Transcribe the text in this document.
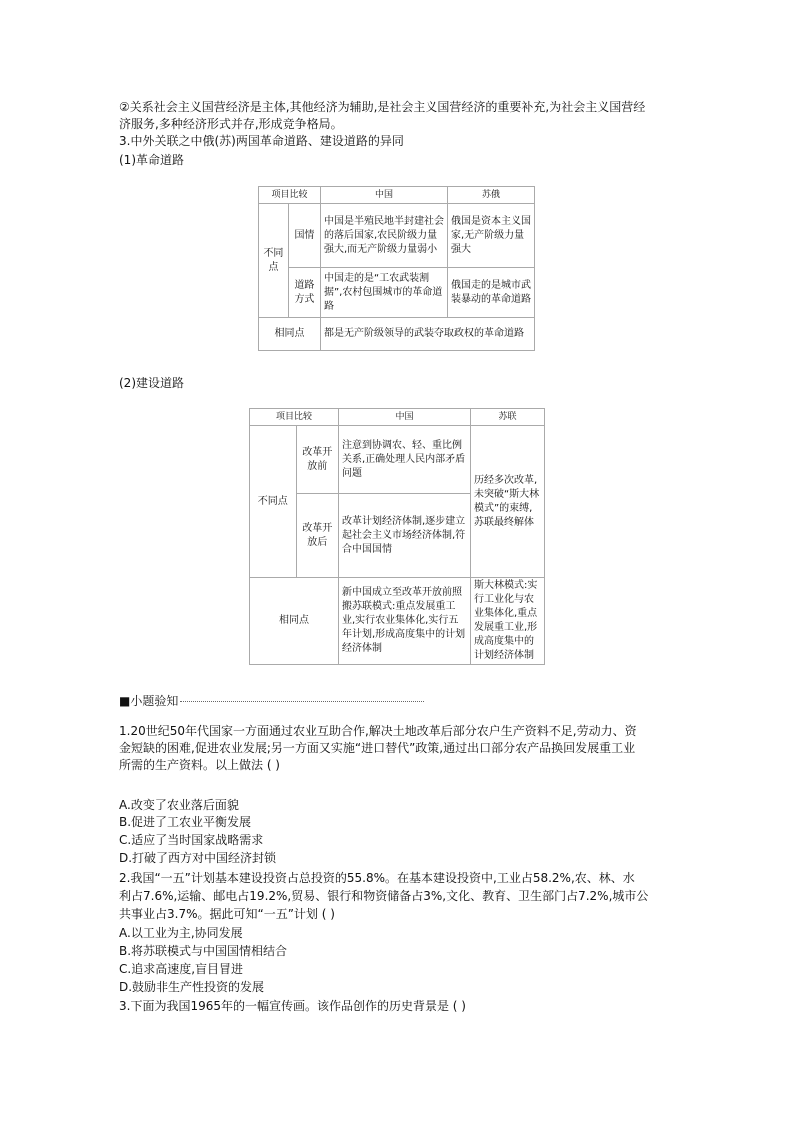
②关系社会主义国营经济是主体,其他经济为辅助,是社会主义国营经济的重要补充,为社会主义国营经
济服务,多种经济形式并存,形成竞争格局。
3.中外关联之中俄(苏)两国革命道路、建设道路的异同
(1)革命道路
项目比较		中国	苏俄
不同点	国情	中国是半殖民地半封建社会的落后国家,农民阶级力量强大,而无产阶级力量弱小	俄国是资本主义国家,无产阶级力量强大
	道路方式	中国走的是“工农武装割据”,农村包围城市的革命道路	俄国走的是城市武装暴动的革命道路
相同点		都是无产阶级领导的武装夺取政权的革命道路	
(2)建设道路
项目比较		中国	苏联
不同点	改革开放前	注意到协调农、轻、重比例关系,正确处理人民内部矛盾问题	历经多次改革,未突破“斯大林模式”的束缚,苏联最终解体
	改革开放后	改革计划经济体制,逐步建立起社会主义市场经济体制,符合中国国情	
相同点		新中国成立至改革开放前照搬苏联模式:重点发展重工业,实行农业集体化,实行五年计划,形成高度集中的计划经济体制	斯大林模式:实行工业化与农业集体化,重点发展重工业,形成高度集中的计划经济体制
■小题验知
1.20世纪50年代国家一方面通过农业互助合作,解决土地改革后部分农户生产资料不足,劳动力、资
金短缺的困难,促进农业发展;另一方面又实施“进口替代”政策,通过出口部分农产品换回发展重工业
所需的生产资料。以上做法 ( )
A.改变了农业落后面貌
B.促进了工农业平衡发展
C.适应了当时国家战略需求
D.打破了西方对中国经济封锁
2.我国“一五”计划基本建设投资占总投资的55.8%。在基本建设投资中,工业占58.2%,农、林、水
利占7.6%,运输、邮电占19.2%,贸易、银行和物资储备占3%,文化、教育、卫生部门占7.2%,城市公
共事业占3.7%。据此可知“一五”计划 ( )
A.以工业为主,协同发展
B.将苏联模式与中国国情相结合
C.追求高速度,盲目冒进
D.鼓励非生产性投资的发展
3.下面为我国1965年的一幅宣传画。该作品创作的历史背景是 ( )
